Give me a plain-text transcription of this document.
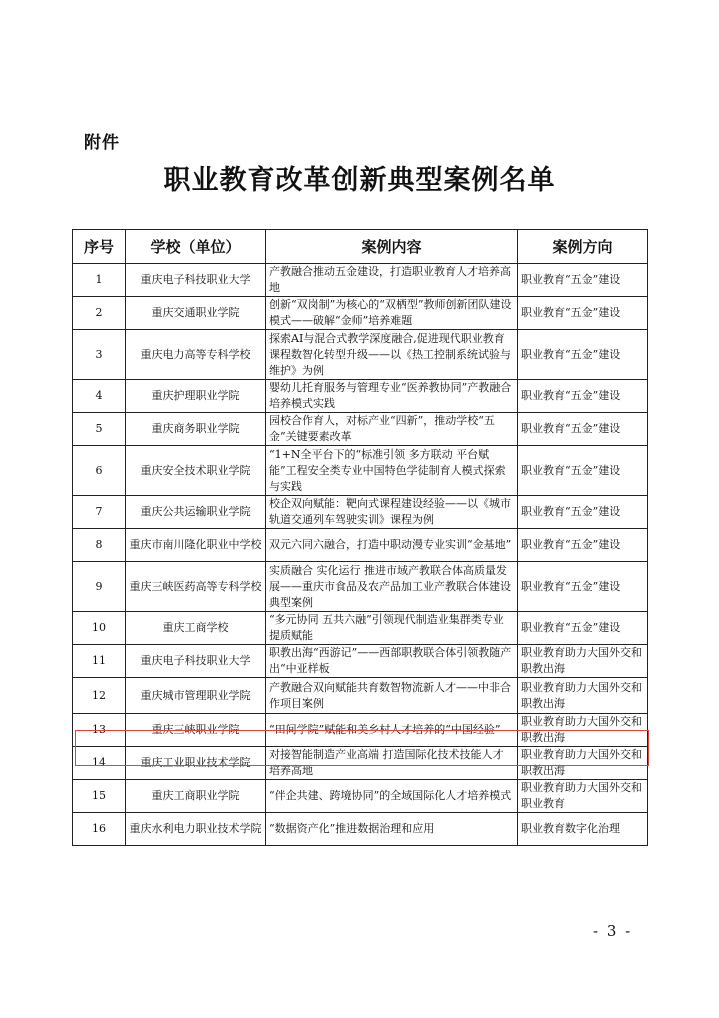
附件
职业教育改革创新典型案例名单
序号	学校（单位）	案例内容	案例方向
1	重庆电子科技职业大学	产教融合推动五金建设，打造职业教育人才培养高地	职业教育“五金”建设
2	重庆交通职业学院	创新“双岗制”为核心的“双栖型”教师创新团队建设模式——破解“金师”培养难题	职业教育“五金”建设
3	重庆电力高等专科学校	探索AI与混合式教学深度融合,促进现代职业教育课程数智化转型升级——以《热工控制系统试验与维护》为例	职业教育“五金”建设
4	重庆护理职业学院	婴幼儿托育服务与管理专业“医养教协同”产教融合培养模式实践	职业教育“五金”建设
5	重庆商务职业学院	园校合作育人，对标产业“四新”，推动学校“五金”关键要素改革	职业教育“五金”建设
6	重庆安全技术职业学院	“1+N全平台下的“标准引领 多方联动 平台赋能”工程安全类专业中国特色学徒制育人模式探索与实践	职业教育“五金”建设
7	重庆公共运输职业学院	校企双向赋能：靶向式课程建设经验——以《城市轨道交通列车驾驶实训》课程为例	职业教育“五金”建设
8	重庆市南川隆化职业中学校	双元六同六融合，打造中职动漫专业实训“金基地”	职业教育“五金”建设
9	重庆三峡医药高等专科学校	实质融合 实化运行 推进市域产教联合体高质量发展——重庆市食品及农产品加工业产教联合体建设典型案例	职业教育“五金”建设
10	重庆工商学校	“多元协同 五共六融”引领现代制造业集群类专业提质赋能	职业教育“五金”建设
11	重庆电子科技职业大学	职教出海“西游记”——西部职教联合体引领教随产出“中亚样板	职业教育助力大国外交和职教出海
12	重庆城市管理职业学院	产教融合双向赋能共育数智物流新人才——中非合作项目案例	职业教育助力大国外交和职教出海
13	重庆三峡职业学院	“田间学院”赋能和美乡村人才培养的“中国经验”	职业教育助力大国外交和职教出海
14	重庆工业职业技术学院	对接智能制造产业高端 打造国际化技术技能人才培养高地	职业教育助力大国外交和职教出海
15	重庆工商职业学院	“伴企共建、跨境协同”的全域国际化人才培养模式	职业教育助力大国外交和职业教育
16	重庆水利电力职业技术学院	“数据资产化”推进数据治理和应用	职业教育数字化治理
- 3 -
